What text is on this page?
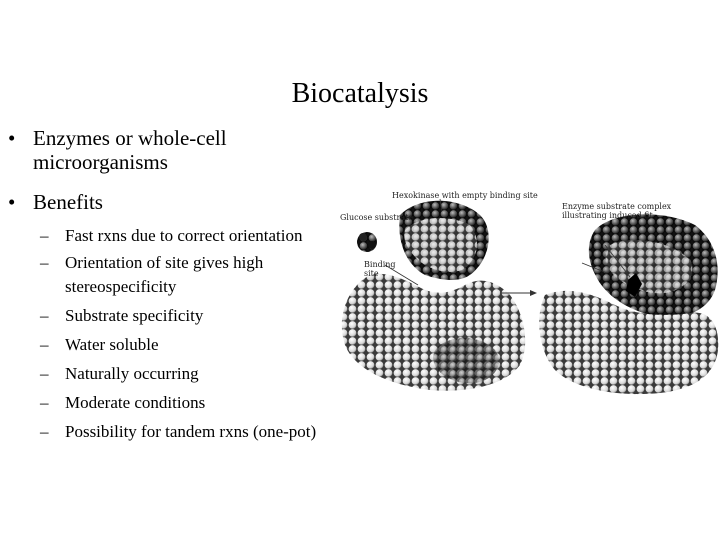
Biocatalysis
• Enzymes or whole-cell microorganisms
• Benefits
– Fast rxns due to correct orientation
– Orientation of site gives high stereospecificity
– Substrate specificity
– Water soluble
– Naturally occurring
– Moderate conditions
– Possibility for tandem rxns (one-pot)
Hexokinase with empty binding site
Glucose substrate
Binding
site
Enzyme substrate complex
illustrating induced fit
